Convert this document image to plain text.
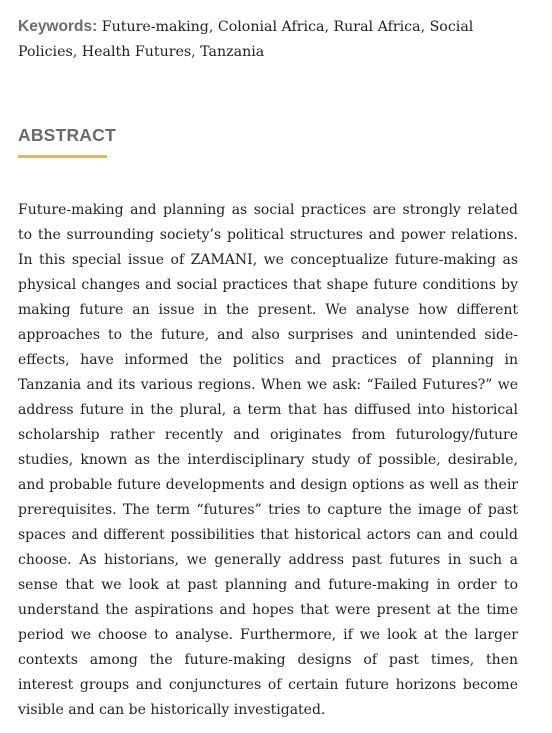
Keywords: Future-making, Colonial Africa, Rural Africa, Social Policies, Health Futures, Tanzania

ABSTRACT

Future-making and planning as social practices are strongly related to the surrounding society’s political structures and power relations. In this special issue of ZAMANI, we conceptualize future-making as physical changes and social practices that shape future conditions by making future an issue in the present. We analyse how different approaches to the future, and also surprises and unintended side-effects, have informed the politics and practices of planning in Tanzania and its various regions. When we ask: “Failed Futures?” we address future in the plural, a term that has diffused into historical scholarship rather recently and originates from futurology/future studies, known as the interdisciplinary study of possible, desirable, and probable future developments and design options as well as their prerequisites. The term “futures” tries to capture the image of past spaces and different possibilities that historical actors can and could choose. As historians, we generally address past futures in such a sense that we look at past planning and future-making in order to understand the aspirations and hopes that were present at the time period we choose to analyse. Furthermore, if we look at the larger contexts among the future-making designs of past times, then interest groups and conjunctures of certain future horizons become visible and can be historically investigated.
